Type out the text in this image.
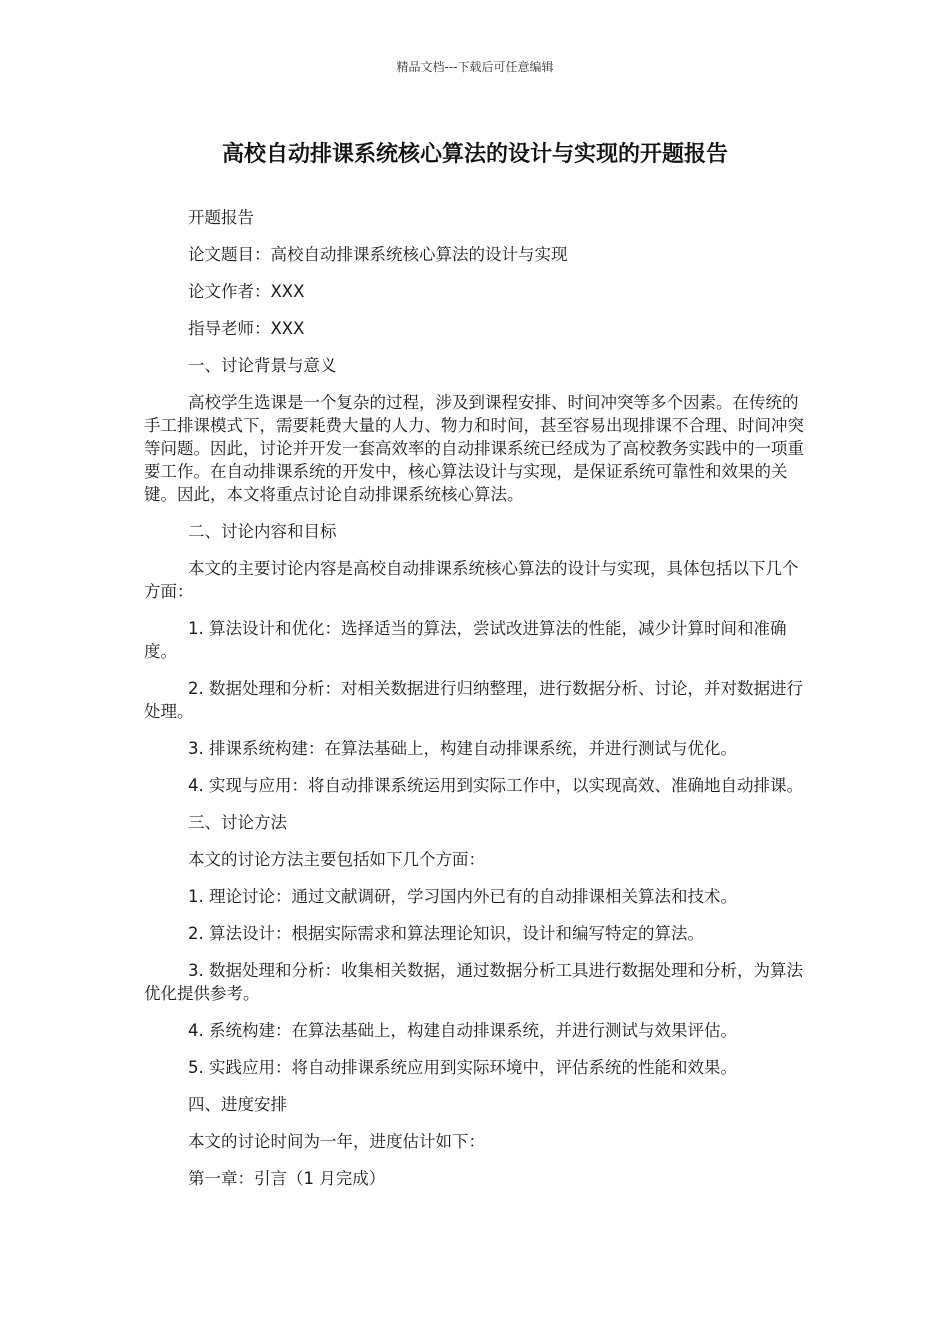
精品文档---下载后可任意编辑
高校自动排课系统核心算法的设计与实现的开题报告

开题报告

论文题目：高校自动排课系统核心算法的设计与实现

论文作者：XXX

指导老师：XXX

一、讨论背景与意义

高校学生选课是一个复杂的过程，涉及到课程安排、时间冲突等多个因素。在传统的手工排课模式下，需要耗费大量的人力、物力和时间，甚至容易出现排课不合理、时间冲突等问题。因此，讨论并开发一套高效率的自动排课系统已经成为了高校教务实践中的一项重要工作。在自动排课系统的开发中，核心算法设计与实现，是保证系统可靠性和效果的关键。因此，本文将重点讨论自动排课系统核心算法。

二、讨论内容和目标

本文的主要讨论内容是高校自动排课系统核心算法的设计与实现，具体包括以下几个方面：

1. 算法设计和优化：选择适当的算法，尝试改进算法的性能，减少计算时间和准确度。

2. 数据处理和分析：对相关数据进行归纳整理，进行数据分析、讨论，并对数据进行处理。

3. 排课系统构建：在算法基础上，构建自动排课系统，并进行测试与优化。

4. 实现与应用：将自动排课系统运用到实际工作中，以实现高效、准确地自动排课。

三、讨论方法

本文的讨论方法主要包括如下几个方面：

1. 理论讨论：通过文献调研，学习国内外已有的自动排课相关算法和技术。

2. 算法设计：根据实际需求和算法理论知识，设计和编写特定的算法。

3. 数据处理和分析：收集相关数据，通过数据分析工具进行数据处理和分析，为算法优化提供参考。

4. 系统构建：在算法基础上，构建自动排课系统，并进行测试与效果评估。

5. 实践应用：将自动排课系统应用到实际环境中，评估系统的性能和效果。

四、进度安排

本文的讨论时间为一年，进度估计如下：

第一章：引言（1 月完成）
